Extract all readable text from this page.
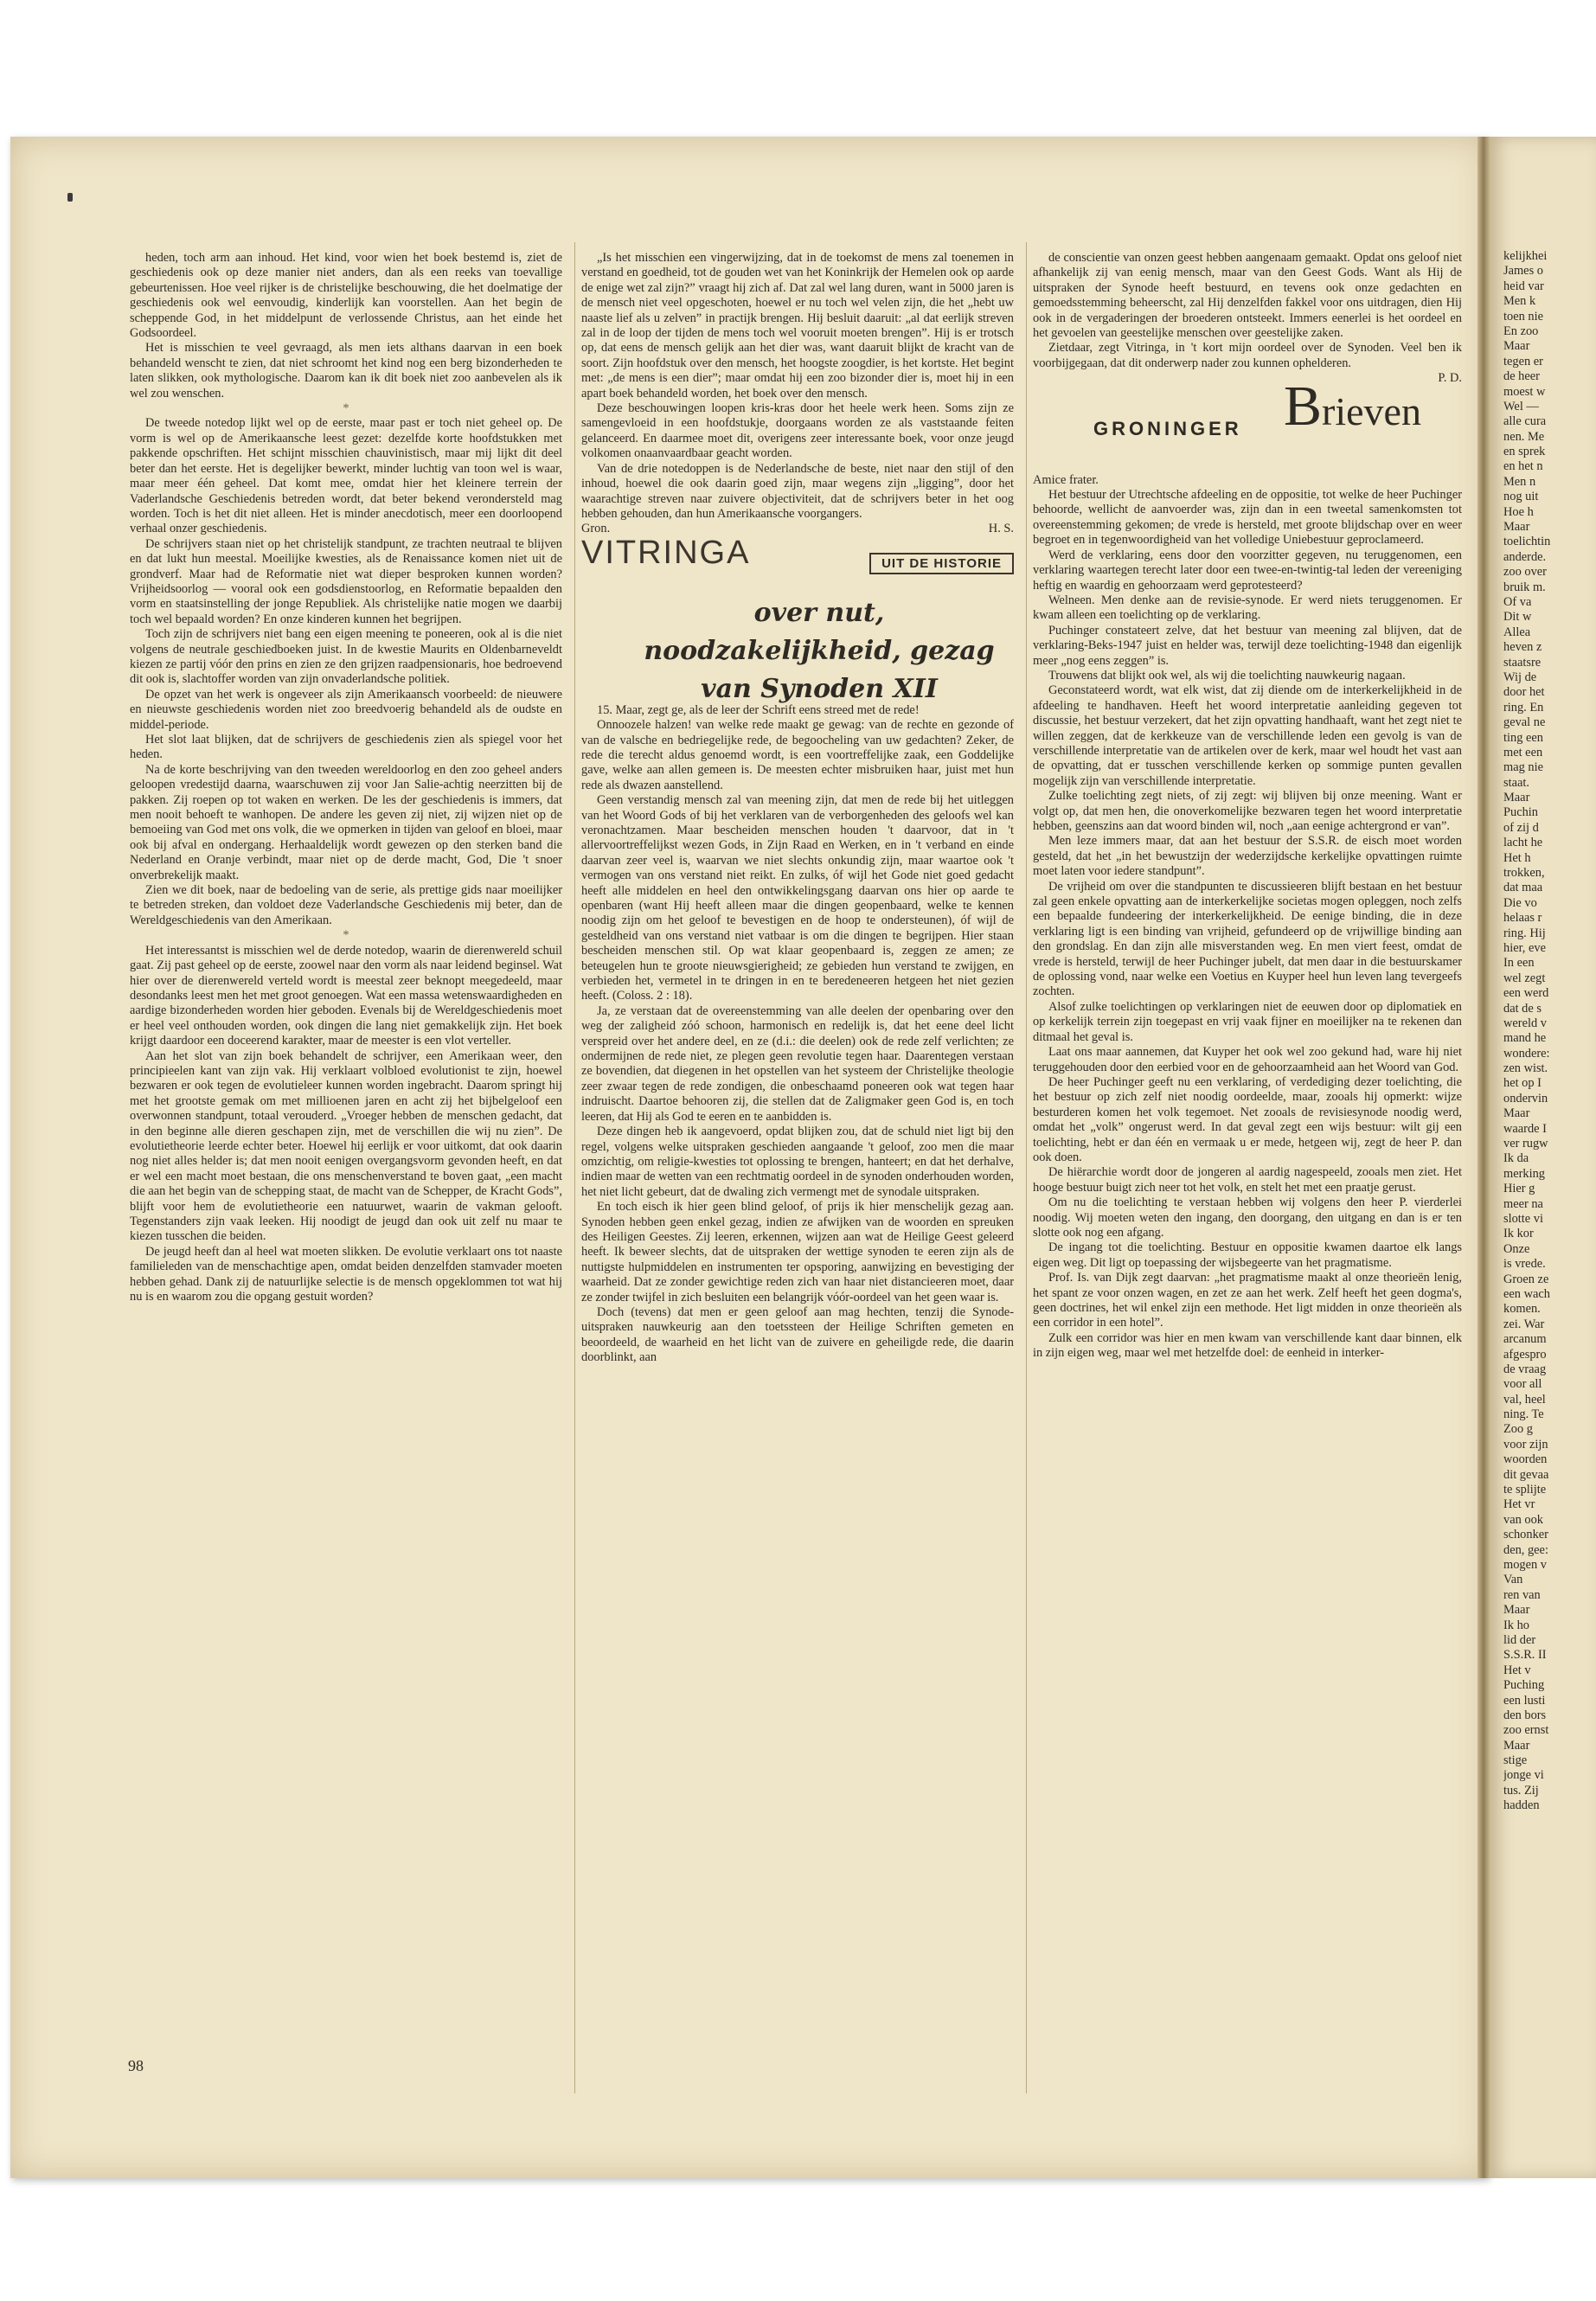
heden, toch arm aan inhoud. Het kind, voor wien het boek bestemd is, ziet de geschiedenis ook op deze manier niet anders, dan als een reeks van toevallige gebeurtenissen. Hoe veel rijker is de christelijke beschouwing, die het doelmatige der geschiedenis ook wel eenvoudig, kinderlijk kan voorstellen. Aan het begin de scheppende God, in het middelpunt de verlossende Christus, aan het einde het Godsoordeel.

Het is misschien te veel gevraagd, als men iets althans daarvan in een boek behandeld wenscht te zien, dat niet schroomt het kind nog een berg bizonderheden te laten slikken, ook mythologische. Daarom kan ik dit boek niet zoo aanbevelen als ik wel zou wenschen.

*

De tweede notedop lijkt wel op de eerste, maar past er toch niet geheel op. De vorm is wel op de Amerikaansche leest gezet: dezelfde korte hoofdstukken met pakkende opschriften. Het schijnt misschien chauvinistisch, maar mij lijkt dit deel beter dan het eerste. Het is degelijker bewerkt, minder luchtig van toon wel is waar, maar meer één geheel. Dat komt mee, omdat hier het kleinere terrein der Vaderlandsche Geschiedenis betreden wordt, dat beter bekend verondersteld mag worden. Toch is het dit niet alleen. Het is minder anecdotisch, meer een doorloopend verhaal onzer geschiedenis.

De schrijvers staan niet op het christelijk standpunt, ze trachten neutraal te blijven en dat lukt hun meestal. Moeilijke kwesties, als de Renaissance komen niet uit de grondverf. Maar had de Reformatie niet wat dieper besproken kunnen worden? Vrijheidsoorlog — vooral ook een godsdienstoorlog, en Reformatie bepaalden den vorm en staatsinstelling der jonge Republiek. Als christelijke natie mogen we daarbij toch wel bepaald worden? En onze kinderen kunnen het begrijpen.

Toch zijn de schrijvers niet bang een eigen meening te poneeren, ook al is die niet volgens de neutrale geschiedboeken juist. In de kwestie Maurits en Oldenbarneveldt kiezen ze partij vóór den prins en zien ze den grijzen raadpensionaris, hoe bedroevend dit ook is, slachtoffer worden van zijn onvaderlandsche politiek.

De opzet van het werk is ongeveer als zijn Amerikaansch voorbeeld: de nieuwere en nieuwste geschiedenis worden niet zoo breedvoerig behandeld als de oudste en middel-periode.

Het slot laat blijken, dat de schrijvers de geschiedenis zien als spiegel voor het heden.

Na de korte beschrijving van den tweeden wereldoorlog en den zoo geheel anders geloopen vredestijd daarna, waarschuwen zij voor Jan Salie-achtig neerzitten bij de pakken. Zij roepen op tot waken en werken. De les der geschiedenis is immers, dat men nooit behoeft te wanhopen. De andere les geven zij niet, zij wijzen niet op de bemoeiing van God met ons volk, die we opmerken in tijden van geloof en bloei, maar ook bij afval en ondergang. Herhaaldelijk wordt gewezen op den sterken band die Nederland en Oranje verbindt, maar niet op de derde macht, God, Die 't snoer onverbrekelijk maakt.

Zien we dit boek, naar de bedoeling van de serie, als prettige gids naar moeilijker te betreden streken, dan voldoet deze Vaderlandsche Geschiedenis mij beter, dan de Wereldgeschiedenis van den Amerikaan.

*

Het interessantst is misschien wel de derde notedop, waarin de dierenwereld schuil gaat. Zij past geheel op de eerste, zoowel naar den vorm als naar leidend beginsel. Wat hier over de dierenwereld verteld wordt is meestal zeer beknopt meegedeeld, maar desondanks leest men het met groot genoegen. Wat een massa wetenswaardigheden en aardige bizonderheden worden hier geboden. Evenals bij de Wereldgeschiedenis moet er heel veel onthouden worden, ook dingen die lang niet gemakkelijk zijn. Het boek krijgt daardoor een doceerend karakter, maar de meester is een vlot verteller.

Aan het slot van zijn boek behandelt de schrijver, een Amerikaan weer, den principieelen kant van zijn vak. Hij verklaart volbloed evolutionist te zijn, hoewel bezwaren er ook tegen de evolutieleer kunnen worden ingebracht. Daarom springt hij met het grootste gemak om met millioenen jaren en acht zij het bijbelgeloof een overwonnen standpunt, totaal verouderd. „Vroeger hebben de menschen gedacht, dat in den beginne alle dieren geschapen zijn, met de verschillen die wij nu zien”. De evolutietheorie leerde echter beter. Hoewel hij eerlijk er voor uitkomt, dat ook daarin nog niet alles helder is; dat men nooit eenigen overgangsvorm gevonden heeft, en dat er wel een macht moet bestaan, die ons menschenverstand te boven gaat, „een macht die aan het begin van de schepping staat, de macht van de Schepper, de Kracht Gods”, blijft voor hem de evolutietheorie een natuurwet, waarin de vakman gelooft. Tegenstanders zijn vaak leeken. Hij noodigt de jeugd dan ook uit zelf nu maar te kiezen tusschen die beiden.

De jeugd heeft dan al heel wat moeten slikken. De evolutie verklaart ons tot naaste familieleden van de menschachtige apen, omdat beiden denzelfden stamvader moeten hebben gehad. Dank zij de natuurlijke selectie is de mensch opgeklommen tot wat hij nu is en waarom zou die opgang gestuit worden?

„Is het misschien een vingerwijzing, dat in de toekomst de mens zal toenemen in verstand en goedheid, tot de gouden wet van het Koninkrijk der Hemelen ook op aarde de enige wet zal zijn?” vraagt hij zich af. Dat zal wel lang duren, want in 5000 jaren is de mensch niet veel opgeschoten, hoewel er nu toch wel velen zijn, die het „hebt uw naaste lief als u zelven” in practijk brengen. Hij besluit daaruit: „al dat eerlijk streven zal in de loop der tijden de mens toch wel vooruit moeten brengen”. Hij is er trotsch op, dat eens de mensch gelijk aan het dier was, want daaruit blijkt de kracht van de soort. Zijn hoofdstuk over den mensch, het hoogste zoogdier, is het kortste. Het begint met: „de mens is een dier”; maar omdat hij een zoo bizonder dier is, moet hij in een apart boek behandeld worden, het boek over den mensch.

Deze beschouwingen loopen kris-kras door het heele werk heen. Soms zijn ze samengevloeid in een hoofdstukje, doorgaans worden ze als vaststaande feiten gelanceerd. En daarmee moet dit, overigens zeer interessante boek, voor onze jeugd volkomen onaanvaardbaar geacht worden.

Van de drie notedoppen is de Nederlandsche de beste, niet naar den stijl of den inhoud, hoewel die ook daarin goed zijn, maar wegens zijn „ligging”, door het waarachtige streven naar zuivere objectiviteit, dat de schrijvers beter in het oog hebben gehouden, dan hun Amerikaansche voorgangers.

Gron.	H. S.

VITRINGA	UIT DE HISTORIE
over nut, noodzakelijkheid, gezag van Synoden XII

15. Maar, zegt ge, als de leer der Schrift eens streed met de rede!

Onnoozele halzen! van welke rede maakt ge gewag: van de rechte en gezonde of van de valsche en bedriegelijke rede, de begoocheling van uw gedachten? Zeker, de rede die terecht aldus genoemd wordt, is een voortreffelijke zaak, een Goddelijke gave, welke aan allen gemeen is. De meesten echter misbruiken haar, juist met hun rede als dwazen aanstellend.

Geen verstandig mensch zal van meening zijn, dat men de rede bij het uitleggen van het Woord Gods of bij het verklaren van de verborgenheden des geloofs wel kan veronachtzamen. Maar bescheiden menschen houden 't daarvoor, dat in 't allervoortreffelijkst wezen Gods, in Zijn Raad en Werken, en in 't verband en einde daarvan zeer veel is, waarvan we niet slechts onkundig zijn, maar waartoe ook 't vermogen van ons verstand niet reikt. En zulks, óf wijl het Gode niet goed gedacht heeft alle middelen en heel den ontwikkelingsgang daarvan ons hier op aarde te openbaren (want Hij heeft alleen maar die dingen geopenbaard, welke te kennen noodig zijn om het geloof te bevestigen en de hoop te ondersteunen), óf wijl de gesteldheid van ons verstand niet vatbaar is om die dingen te begrijpen. Hier staan bescheiden menschen stil. Op wat klaar geopenbaard is, zeggen ze amen; ze beteugelen hun te groote nieuwsgierigheid; ze gebieden hun verstand te zwijgen, en verbieden het, vermetel in te dringen in en te beredeneeren hetgeen het niet gezien heeft. (Coloss. 2 : 18).

Ja, ze verstaan dat de overeenstemming van alle deelen der openbaring over den weg der zaligheid zóó schoon, harmonisch en redelijk is, dat het eene deel licht verspreid over het andere deel, en ze (d.i.: die deelen) ook de rede zelf verlichten; ze ondermijnen de rede niet, ze plegen geen revolutie tegen haar. Daarentegen verstaan ze bovendien, dat diegenen in het opstellen van het systeem der Christelijke theologie zeer zwaar tegen de rede zondigen, die onbeschaamd poneeren ook wat tegen haar indruischt. Daartoe behooren zij, die stellen dat de Zaligmaker geen God is, en toch leeren, dat Hij als God te eeren en te aanbidden is.

Deze dingen heb ik aangevoerd, opdat blijken zou, dat de schuld niet ligt bij den regel, volgens welke uitspraken geschieden aangaande 't geloof, zoo men die maar omzichtig, om religie-kwesties tot oplossing te brengen, hanteert; en dat het derhalve, indien maar de wetten van een rechtmatig oordeel in de synoden onderhouden worden, het niet licht gebeurt, dat de dwaling zich vermengt met de synodale uitspraken.

En toch eisch ik hier geen blind geloof, of prijs ik hier menschelijk gezag aan. Synoden hebben geen enkel gezag, indien ze afwijken van de woorden en spreuken des Heiligen Geestes. Zij leeren, erkennen, wijzen aan wat de Heilige Geest geleerd heeft. Ik beweer slechts, dat de uitspraken der wettige synoden te eeren zijn als de nuttigste hulpmiddelen en instrumenten ter opsporing, aanwijzing en bevestiging der waarheid. Dat ze zonder gewichtige reden zich van haar niet distancieeren moet, daar ze zonder twijfel in zich besluiten een belangrijk vóór-oordeel van het geen waar is.

Doch (tevens) dat men er geen geloof aan mag hechten, tenzij die Synode-uitspraken nauwkeurig aan den toetssteen der Heilige Schriften gemeten en beoordeeld, de waarheid en het licht van de zuivere en geheiligde rede, die daarin doorblinkt, aan

de conscientie van onzen geest hebben aangenaam gemaakt. Opdat ons geloof niet afhankelijk zij van eenig mensch, maar van den Geest Gods. Want als Hij de uitspraken der Synode heeft bestuurd, en tevens ook onze gedachten en gemoedsstemming beheerscht, zal Hij denzelfden fakkel voor ons uitdragen, dien Hij ook in de vergaderingen der broederen ontsteekt. Immers eenerlei is het oordeel en het gevoelen van geestelijke menschen over geestelijke zaken.

Zietdaar, zegt Vitringa, in 't kort mijn oordeel over de Synoden. Veel ben ik voorbijgegaan, dat dit onderwerp nader zou kunnen ophelderen.

P. D.

GRONINGER Brieven

Amice frater.

Het bestuur der Utrechtsche afdeeling en de oppositie, tot welke de heer Puchinger behoorde, wellicht de aanvoerder was, zijn dan in een tweetal samenkomsten tot overeenstemming gekomen; de vrede is hersteld, met groote blijdschap over en weer begroet en in tegenwoordigheid van het volledige Uniebestuur geproclameerd.

Werd de verklaring, eens door den voorzitter gegeven, nu teruggenomen, een verklaring waartegen terecht later door een twee-en-twintig-tal leden der vereeniging heftig en waardig en gehoorzaam werd geprotesteerd?

Welneen. Men denke aan de revisie-synode. Er werd niets teruggenomen. Er kwam alleen een toelichting op de verklaring.

Puchinger constateert zelve, dat het bestuur van meening zal blijven, dat de verklaring-Beks-1947 juist en helder was, terwijl deze toelichting-1948 dan eigenlijk meer „nog eens zeggen” is.

Trouwens dat blijkt ook wel, als wij die toelichting nauwkeurig nagaan.

Geconstateerd wordt, wat elk wist, dat zij diende om de interkerkelijkheid in de afdeeling te handhaven. Heeft het woord interpretatie aanleiding gegeven tot discussie, het bestuur verzekert, dat het zijn opvatting handhaaft, want het zegt niet te willen zeggen, dat de kerkkeuze van de verschillende leden een gevolg is van de verschillende interpretatie van de artikelen over de kerk, maar wel houdt het vast aan de opvatting, dat er tusschen verschillende kerken op sommige punten gevallen mogelijk zijn van verschillende interpretatie.

Zulke toelichting zegt niets, of zij zegt: wij blijven bij onze meening. Want er volgt op, dat men hen, die onoverkomelijke bezwaren tegen het woord interpretatie hebben, geenszins aan dat woord binden wil, noch „aan eenige achtergrond er van”.

Men leze immers maar, dat aan het bestuur der S.S.R. de eisch moet worden gesteld, dat het „in het bewustzijn der wederzijdsche kerkelijke opvattingen ruimte moet laten voor iedere standpunt”.

De vrijheid om over die standpunten te discussieeren blijft bestaan en het bestuur zal geen enkele opvatting aan de interkerkelijke societas mogen opleggen, noch zelfs een bepaalde fundeering der interkerkelijkheid. De eenige binding, die in deze verklaring ligt is een binding van vrijheid, gefundeerd op de vrijwillige binding aan den grondslag. En dan zijn alle misverstanden weg. En men viert feest, omdat de vrede is hersteld, terwijl de heer Puchinger jubelt, dat men daar in die bestuurskamer de oplossing vond, naar welke een Voetius en Kuyper heel hun leven lang tevergeefs zochten.

Alsof zulke toelichtingen op verklaringen niet de eeuwen door op diplomatiek en op kerkelijk terrein zijn toegepast en vrij vaak fijner en moeilijker na te rekenen dan ditmaal het geval is.

Laat ons maar aannemen, dat Kuyper het ook wel zoo gekund had, ware hij niet teruggehouden door den eerbied voor en de gehoorzaamheid aan het Woord van God.

De heer Puchinger geeft nu een verklaring, of verdediging dezer toelichting, die het bestuur op zich zelf niet noodig oordeelde, maar, zooals hij opmerkt: wijze besturderen komen het volk tegemoet. Net zooals de revisiesynode noodig werd, omdat het „volk” ongerust werd. In dat geval zegt een wijs bestuur: wilt gij een toelichting, hebt er dan één en vermaak u er mede, hetgeen wij, zegt de heer P. dan ook doen.

De hiërarchie wordt door de jongeren al aardig nagespeeld, zooals men ziet. Het hooge bestuur buigt zich neer tot het volk, en stelt het met een praatje gerust.

Om nu die toelichting te verstaan hebben wij volgens den heer P. vierderlei noodig. Wij moeten weten den ingang, den doorgang, den uitgang en dan is er ten slotte ook nog een afgang.

De ingang tot die toelichting. Bestuur en oppositie kwamen daartoe elk langs eigen weg. Dit ligt op toepassing der wijsbegeerte van het pragmatisme.

Prof. Is. van Dijk zegt daarvan: „het pragmatisme maakt al onze theorieën lenig, het spant ze voor onzen wagen, en zet ze aan het werk. Zelf heeft het geen dogma's, geen doctrines, het wil enkel zijn een methode. Het ligt midden in onze theorieën als een corridor in een hotel”.

Zulk een corridor was hier en men kwam van verschillende kant daar binnen, elk in zijn eigen weg, maar wel met hetzelfde doel: de eenheid in interker-

kelijkhei
James o
heid var
Men k
toen nie
En zoo
Maar
tegen er
de heer
moest w
Wel —
alle cura
nen. Me
en sprek
en het n
Men n
nog uit
Hoe h
Maar
toelichtin
anderde.
zoo over
bruik m.
Of va
Dit w
Allea
heven z
staatsre
Wij de
door het
ring. En
geval ne
ting een
met een
mag nie
staat.
Maar
Puchin
of zij d
lacht he
Het h
trokken,
dat maa
Die vo
helaas r
ring. Hij
hier, eve
In een
wel zegt
een werd
dat de s
wereld v
mand he
wondere:
zen wist.
het op I
ondervin
Maar
waarde I
ver rugw
Ik da
merking
Hier g
meer na
slotte vi
Ik kor
Onze
is vrede.
Groen ze
een wach
komen.
zei. War
arcanum
afgespro
de vraag
voor all
val, heel
ning. Te
Zoo g
voor zijn
woorden
dit gevaa
te splijte
Het vr
van ook
schonker
den, gee:
mogen v
Van
ren van
Maar
Ik ho
lid der
S.S.R. II
Het v
Puching
een lusti
den bors
zoo ernst
Maar
stige
jonge vi
tus. Zij
hadden
98
